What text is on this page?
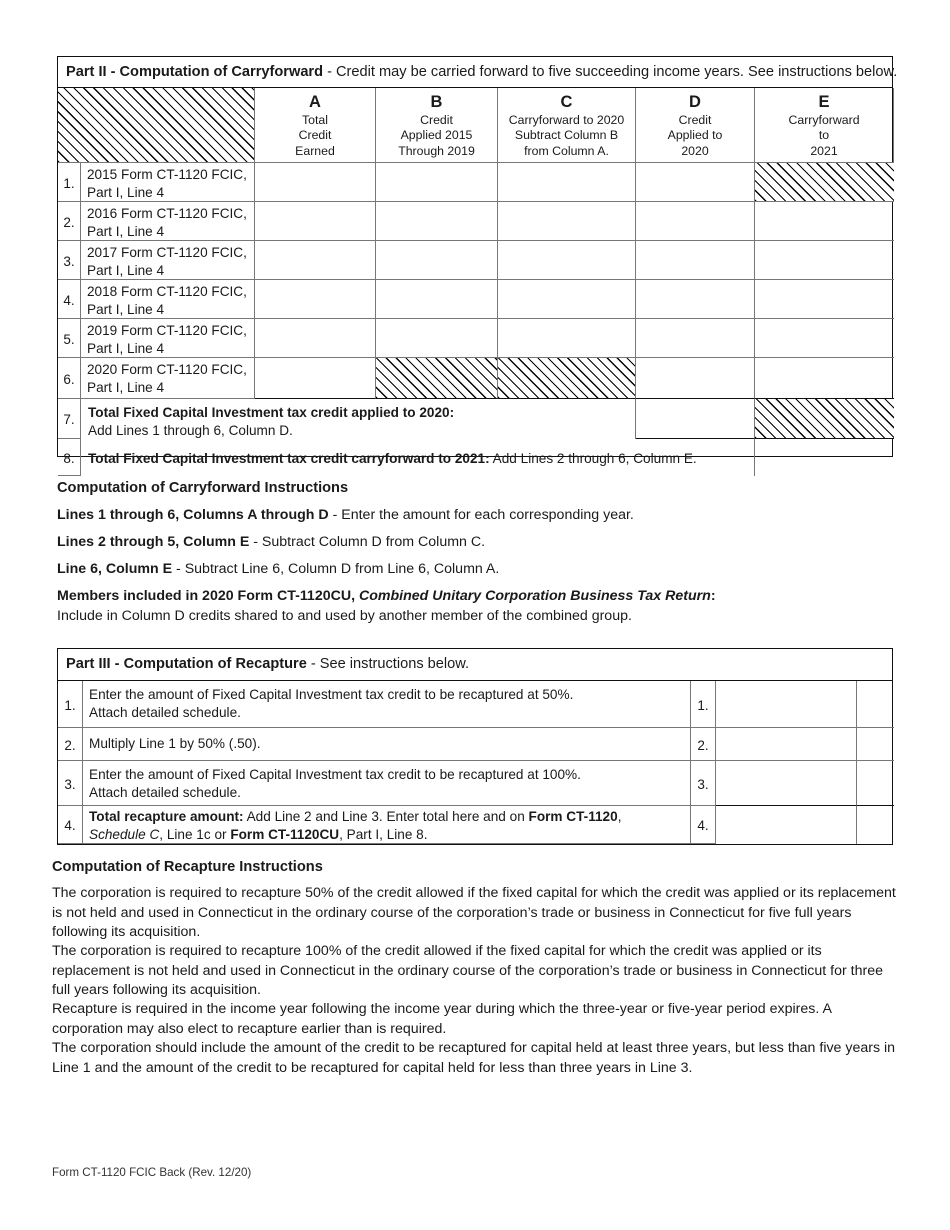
Part II - Computation of Carryforward - Credit may be carried forward to five succeeding income years. See instructions below.
A
Total
Credit
Earned
B
Credit
Applied 2015
Through 2019
C
Carryforward to 2020
Subtract Column B
from Column A.
D
Credit
Applied to
2020
E
Carryforward
to
2021
1.
2015 Form CT-1120 FCIC,
Part I, Line 4
2.
2016 Form CT-1120 FCIC,
Part I, Line 4
3.
2017 Form CT-1120 FCIC,
Part I, Line 4
4.
2018 Form CT-1120 FCIC,
Part I, Line 4
5.
2019 Form CT-1120 FCIC,
Part I, Line 4
6.
2020 Form CT-1120 FCIC,
Part I, Line 4
7. Total Fixed Capital Investment tax credit applied to 2020:
Add Lines 1 through 6, Column D.
8. Total Fixed Capital Investment tax credit carryforward to 2021: Add Lines 2 through 6, Column E.
Computation of Carryforward Instructions
Lines 1 through 6, Columns A through D - Enter the amount for each corresponding year.
Lines 2 through 5, Column E - Subtract Column D from Column C.
Line 6, Column E - Subtract Line 6, Column D from Line 6, Column A.
Members included in 2020 Form CT-1120CU, Combined Unitary Corporation Business Tax Return:
Include in Column D credits shared to and used by another member of the combined group.
Part III - Computation of Recapture - See instructions below.
1.
Enter the amount of Fixed Capital Investment tax credit to be recaptured at 50%.
Attach detailed schedule.	1.
2. Multiply Line 1 by 50% (.50).	2.
3.
Enter the amount of Fixed Capital Investment tax credit to be recaptured at 100%.
Attach detailed schedule.
3.
4.
Total recapture amount: Add Line 2 and Line 3. Enter total here and on Form CT-1120,
Schedule C, Line 1c or Form CT-1120CU, Part I, Line 8.
4.
Computation of Recapture Instructions
The corporation is required to recapture 50% of the credit allowed if the fixed capital for which the credit was applied or its replacement is not held and used in Connecticut in the ordinary course of the corporation’s trade or business in Connecticut for five full years following its acquisition.
The corporation is required to recapture 100% of the credit allowed if the fixed capital for which the credit was applied or its replacement is not held and used in Connecticut in the ordinary course of the corporation’s trade or business in Connecticut for three full years following its acquisition.
Recapture is required in the income year following the income year during which the three-year or five-year period expires. A corporation may also elect to recapture earlier than is required.
The corporation should include the amount of the credit to be recaptured for capital held at least three years, but less than five years in Line 1 and the amount of the credit to be recaptured for capital held for less than three years in Line 3.
Form CT-1120 FCIC Back (Rev. 12/20)
